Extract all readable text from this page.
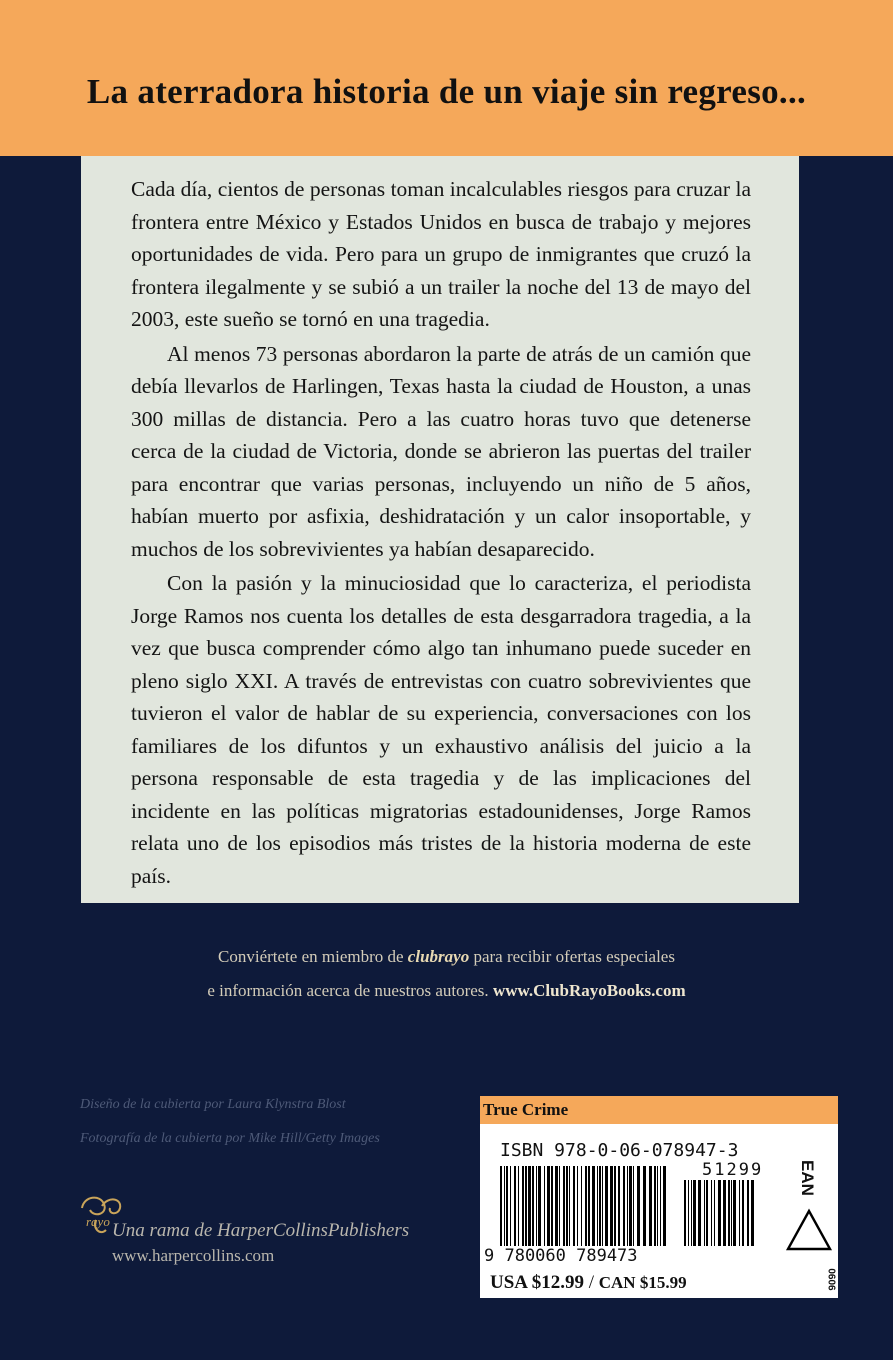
La aterradora historia de un viaje sin regreso...

Cada día, cientos de personas toman incalculables riesgos para cruzar la frontera entre México y Estados Unidos en busca de trabajo y mejores oportunidades de vida. Pero para un grupo de inmigrantes que cruzó la frontera ilegalmente y se subió a un trailer la noche del 13 de mayo del 2003, este sueño se tornó en una tragedia.

Al menos 73 personas abordaron la parte de atrás de un camión que debía llevarlos de Harlingen, Texas hasta la ciudad de Houston, a unas 300 millas de distancia. Pero a las cuatro horas tuvo que detenerse cerca de la ciudad de Victoria, donde se abrieron las puertas del trailer para encontrar que varias personas, incluyendo un niño de 5 años, habían muerto por asfixia, deshidratación y un calor insoportable, y muchos de los sobrevivientes ya habían desaparecido.

Con la pasión y la minuciosidad que lo caracteriza, el periodista Jorge Ramos nos cuenta los detalles de esta desgarradora tragedia, a la vez que busca comprender cómo algo tan inhumano puede suceder en pleno siglo XXI. A través de entrevistas con cuatro sobrevivientes que tuvieron el valor de hablar de su experiencia, conversaciones con los familiares de los difuntos y un exhaustivo análisis del juicio a la persona responsable de esta tragedia y de las implicaciones del incidente en las políticas migratorias estadounidenses, Jorge Ramos relata uno de los episodios más tristes de la historia moderna de este país.

Conviértete en miembro de clubrayo para recibir ofertas especiales
e información acerca de nuestros autores. www.ClubRayoBooks.com
Diseño de la cubierta por Laura Klynstra Blost
Fotografía de la cubierta por Mike Hill/Getty Images
rayo Una rama de HarperCollinsPublishers
www.harpercollins.com
True Crime
ISBN 978-0-06-078947-3
51299 EAN
9 780060 789473
USA $12.99 / CAN $15.99	0606
